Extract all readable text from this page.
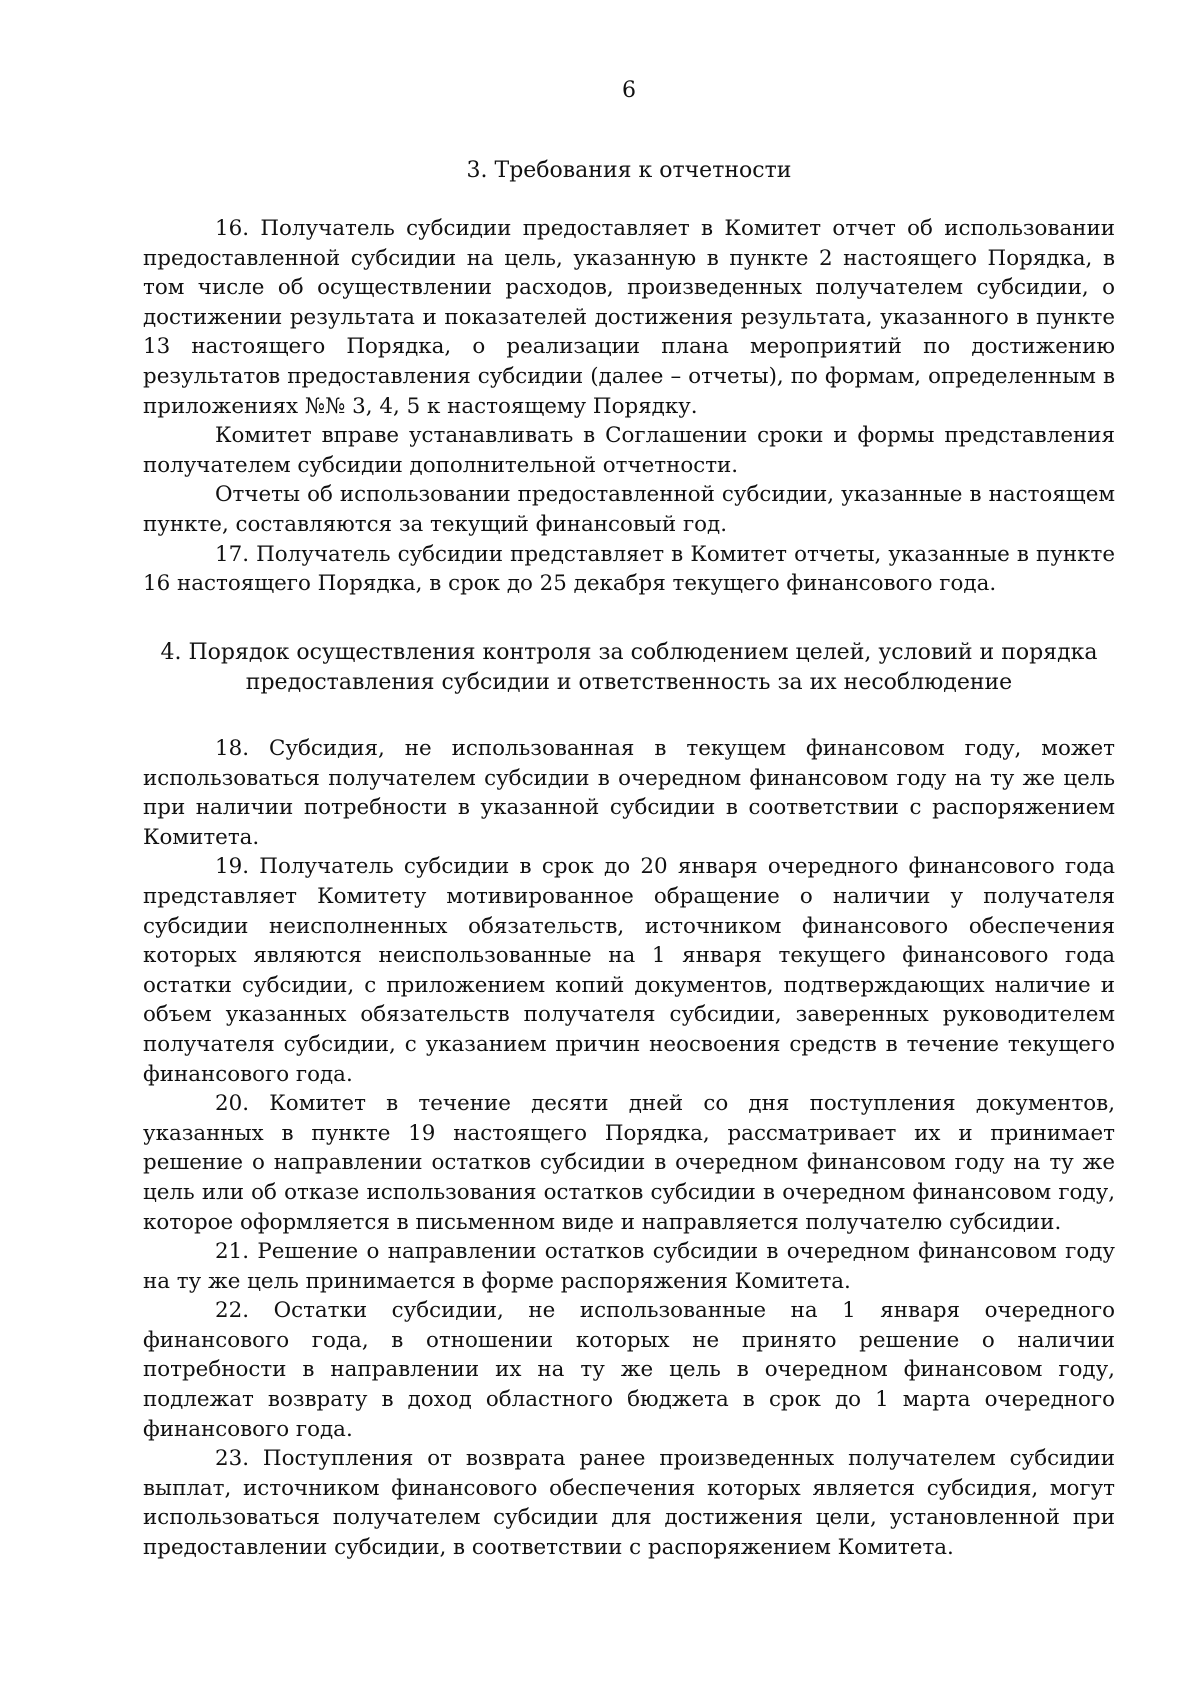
6
3. Требования к отчетности

16. Получатель субсидии предоставляет в Комитет отчет об использовании предоставленной субсидии на цель, указанную в пункте 2 настоящего Порядка, в том числе об осуществлении расходов, произведенных получателем субсидии, о достижении результата и показателей достижения результата, указанного в пункте 13 настоящего Порядка, о реализации плана мероприятий по достижению результатов предоставления субсидии (далее – отчеты), по формам, определенным в приложениях №№ 3, 4, 5 к настоящему Порядку.

Комитет вправе устанавливать в Соглашении сроки и формы представления получателем субсидии дополнительной отчетности.

Отчеты об использовании предоставленной субсидии, указанные в настоящем пункте, составляются за текущий финансовый год.

17. Получатель субсидии представляет в Комитет отчеты, указанные в пункте 16 настоящего Порядка, в срок до 25 декабря текущего финансового года.

4. Порядок осуществления контроля за соблюдением целей, условий и порядка
предоставления субсидии и ответственность за их несоблюдение

18. Субсидия, не использованная в текущем финансовом году, может использоваться получателем субсидии в очередном финансовом году на ту же цель при наличии потребности в указанной субсидии в соответствии с распоряжением Комитета.

19. Получатель субсидии в срок до 20 января очередного финансового года представляет Комитету мотивированное обращение о наличии у получателя субсидии неисполненных обязательств, источником финансового обеспечения которых являются неиспользованные на 1 января текущего финансового года остатки субсидии, с приложением копий документов, подтверждающих наличие и объем указанных обязательств получателя субсидии, заверенных руководителем получателя субсидии, с указанием причин неосвоения средств в течение текущего финансового года.

20. Комитет в течение десяти дней со дня поступления документов, указанных в пункте 19 настоящего Порядка, рассматривает их и принимает решение о направлении остатков субсидии в очередном финансовом году на ту же цель или об отказе использования остатков субсидии в очередном финансовом году, которое оформляется в письменном виде и направляется получателю субсидии.

21. Решение о направлении остатков субсидии в очередном финансовом году на ту же цель принимается в форме распоряжения Комитета.

22. Остатки субсидии, не использованные на 1 января очередного финансового года, в отношении которых не принято решение о наличии потребности в направлении их на ту же цель в очередном финансовом году, подлежат возврату в доход областного бюджета в срок до 1 марта очередного финансового года.

23. Поступления от возврата ранее произведенных получателем субсидии выплат, источником финансового обеспечения которых является субсидия, могут использоваться получателем субсидии для достижения цели, установленной при предоставлении субсидии, в соответствии с распоряжением Комитета.
